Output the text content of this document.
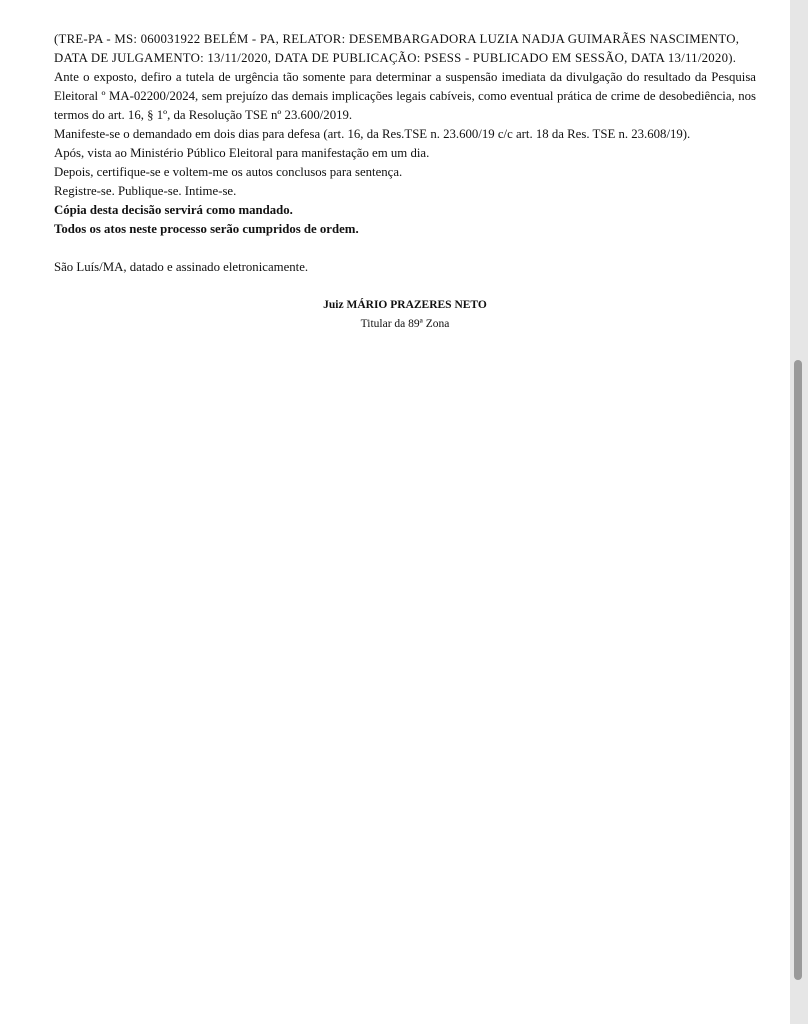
(TRE-PA - MS: 060031922 BELÉM - PA, RELATOR: DESEMBARGADORA LUZIA NADJA GUIMARÃES NASCIMENTO,

DATA DE JULGAMENTO: 13/11/2020, DATA DE PUBLICAÇÃO: PSESS - PUBLICADO EM SESSÃO, DATA 13/11/2020).

Ante o exposto, defiro a tutela de urgência tão somente para determinar a suspensão imediata da divulgação do resultado da Pesquisa Eleitoral º MA-02200/2024, sem prejuízo das demais implicações legais cabíveis, como eventual prática de crime de desobediência, nos termos do art. 16, § 1º, da Resolução TSE nº 23.600/2019.

Manifeste-se o demandado em dois dias para defesa (art. 16, da Res.TSE n. 23.600/19 c/c art. 18 da Res. TSE n. 23.608/19).

Após, vista ao Ministério Público Eleitoral para manifestação em um dia.

Depois, certifique-se e voltem-me os autos conclusos para sentença.

Registre-se. Publique-se. Intime-se.

Cópia desta decisão servirá como mandado.

Todos os atos neste processo serão cumpridos de ordem.

São Luís/MA, datado e assinado eletronicamente.

Juiz MÁRIO PRAZERES NETO

Titular da 89ª Zona
